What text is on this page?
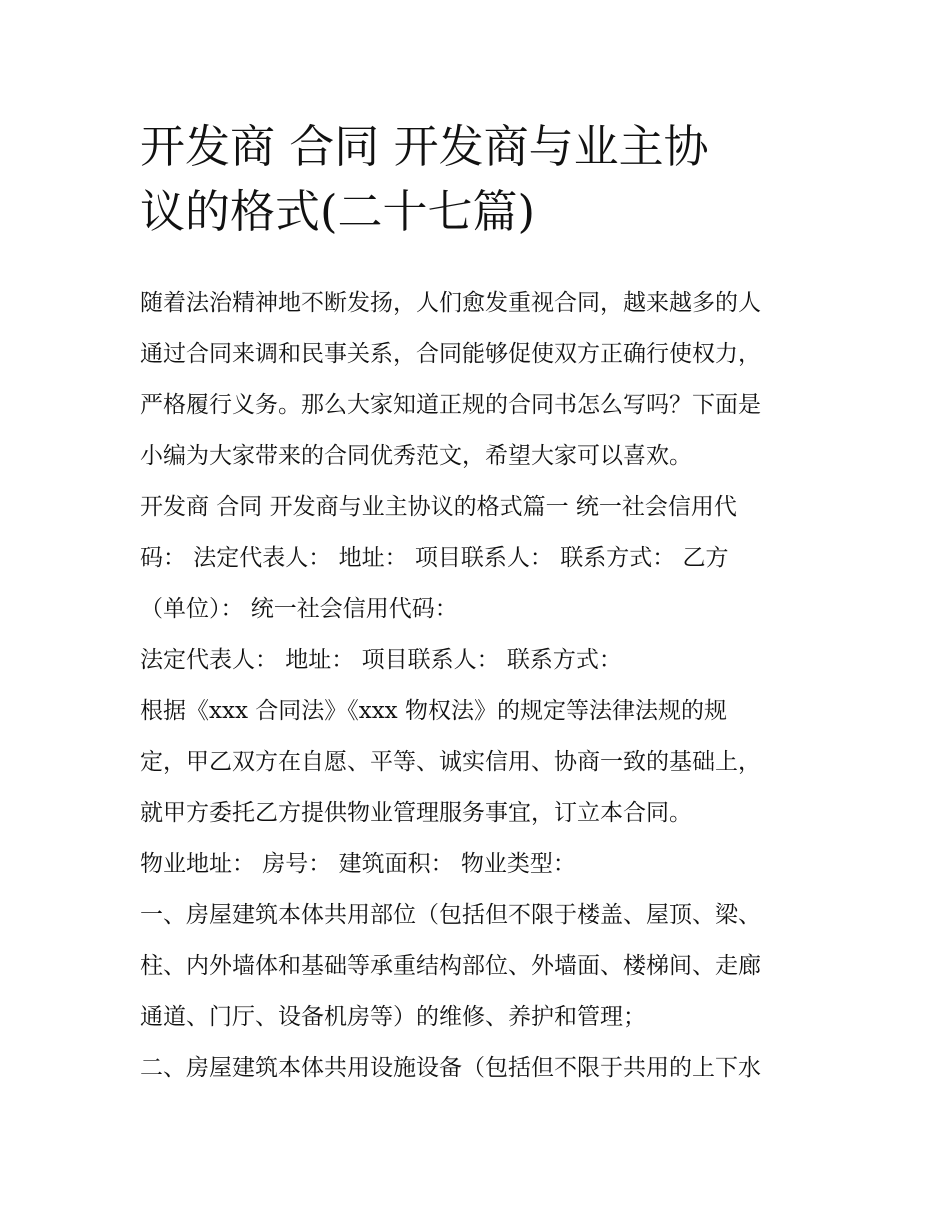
开发商 合同 开发商与业主协
议的格式(二十七篇)

随着法治精神地不断发扬，人们愈发重视合同，越来越多的人

通过合同来调和民事关系，合同能够促使双方正确行使权力，

严格履行义务。那么大家知道正规的合同书怎么写吗？下面是

小编为大家带来的合同优秀范文，希望大家可以喜欢。

开发商 合同 开发商与业主协议的格式篇一 统一社会信用代

码： 法定代表人： 地址： 项目联系人： 联系方式： 乙方

（单位）： 统一社会信用代码：

法定代表人： 地址： 项目联系人： 联系方式：

根据《xxx 合同法》《xxx 物权法》的规定等法律法规的规

定，甲乙双方在自愿、平等、诚实信用、协商一致的基础上，

就甲方委托乙方提供物业管理服务事宜，订立本合同。

物业地址： 房号： 建筑面积： 物业类型：

一、房屋建筑本体共用部位（包括但不限于楼盖、屋顶、梁、

柱、内外墙体和基础等承重结构部位、外墙面、楼梯间、走廊

通道、门厅、设备机房等）的维修、养护和管理；

二、房屋建筑本体共用设施设备（包括但不限于共用的上下水
